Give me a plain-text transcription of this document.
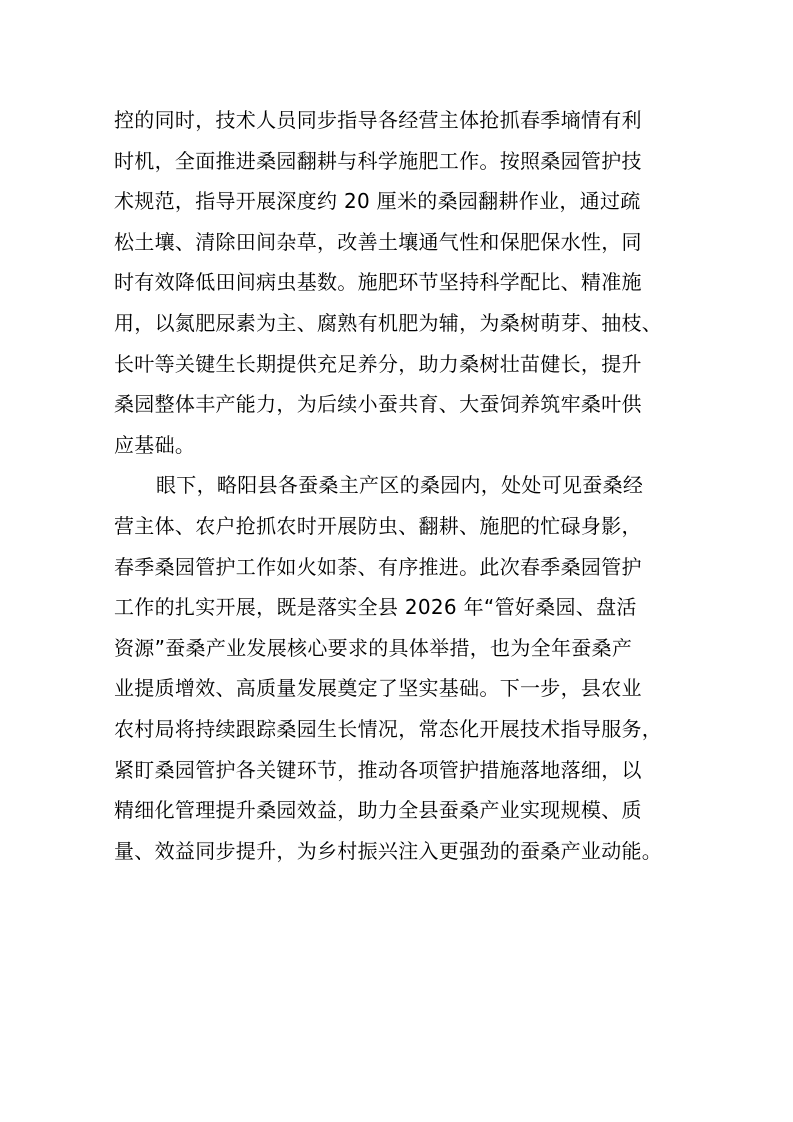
控的同时，技术人员同步指导各经营主体抢抓春季墒情有利
时机，全面推进桑园翻耕与科学施肥工作。按照桑园管护技
术规范，指导开展深度约 20 厘米的桑园翻耕作业，通过疏
松土壤、清除田间杂草，改善土壤通气性和保肥保水性，同
时有效降低田间病虫基数。施肥环节坚持科学配比、精准施
用，以氮肥尿素为主、腐熟有机肥为辅，为桑树萌芽、抽枝、
长叶等关键生长期提供充足养分，助力桑树壮苗健长，提升
桑园整体丰产能力，为后续小蚕共育、大蚕饲养筑牢桑叶供
应基础。
眼下，略阳县各蚕桑主产区的桑园内，处处可见蚕桑经
营主体、农户抢抓农时开展防虫、翻耕、施肥的忙碌身影，
春季桑园管护工作如火如荼、有序推进。此次春季桑园管护
工作的扎实开展，既是落实全县 2026 年“管好桑园、盘活
资源”蚕桑产业发展核心要求的具体举措，也为全年蚕桑产
业提质增效、高质量发展奠定了坚实基础。下一步，县农业
农村局将持续跟踪桑园生长情况，常态化开展技术指导服务，
紧盯桑园管护各关键环节，推动各项管护措施落地落细，以
精细化管理提升桑园效益，助力全县蚕桑产业实现规模、质
量、效益同步提升，为乡村振兴注入更强劲的蚕桑产业动能。
